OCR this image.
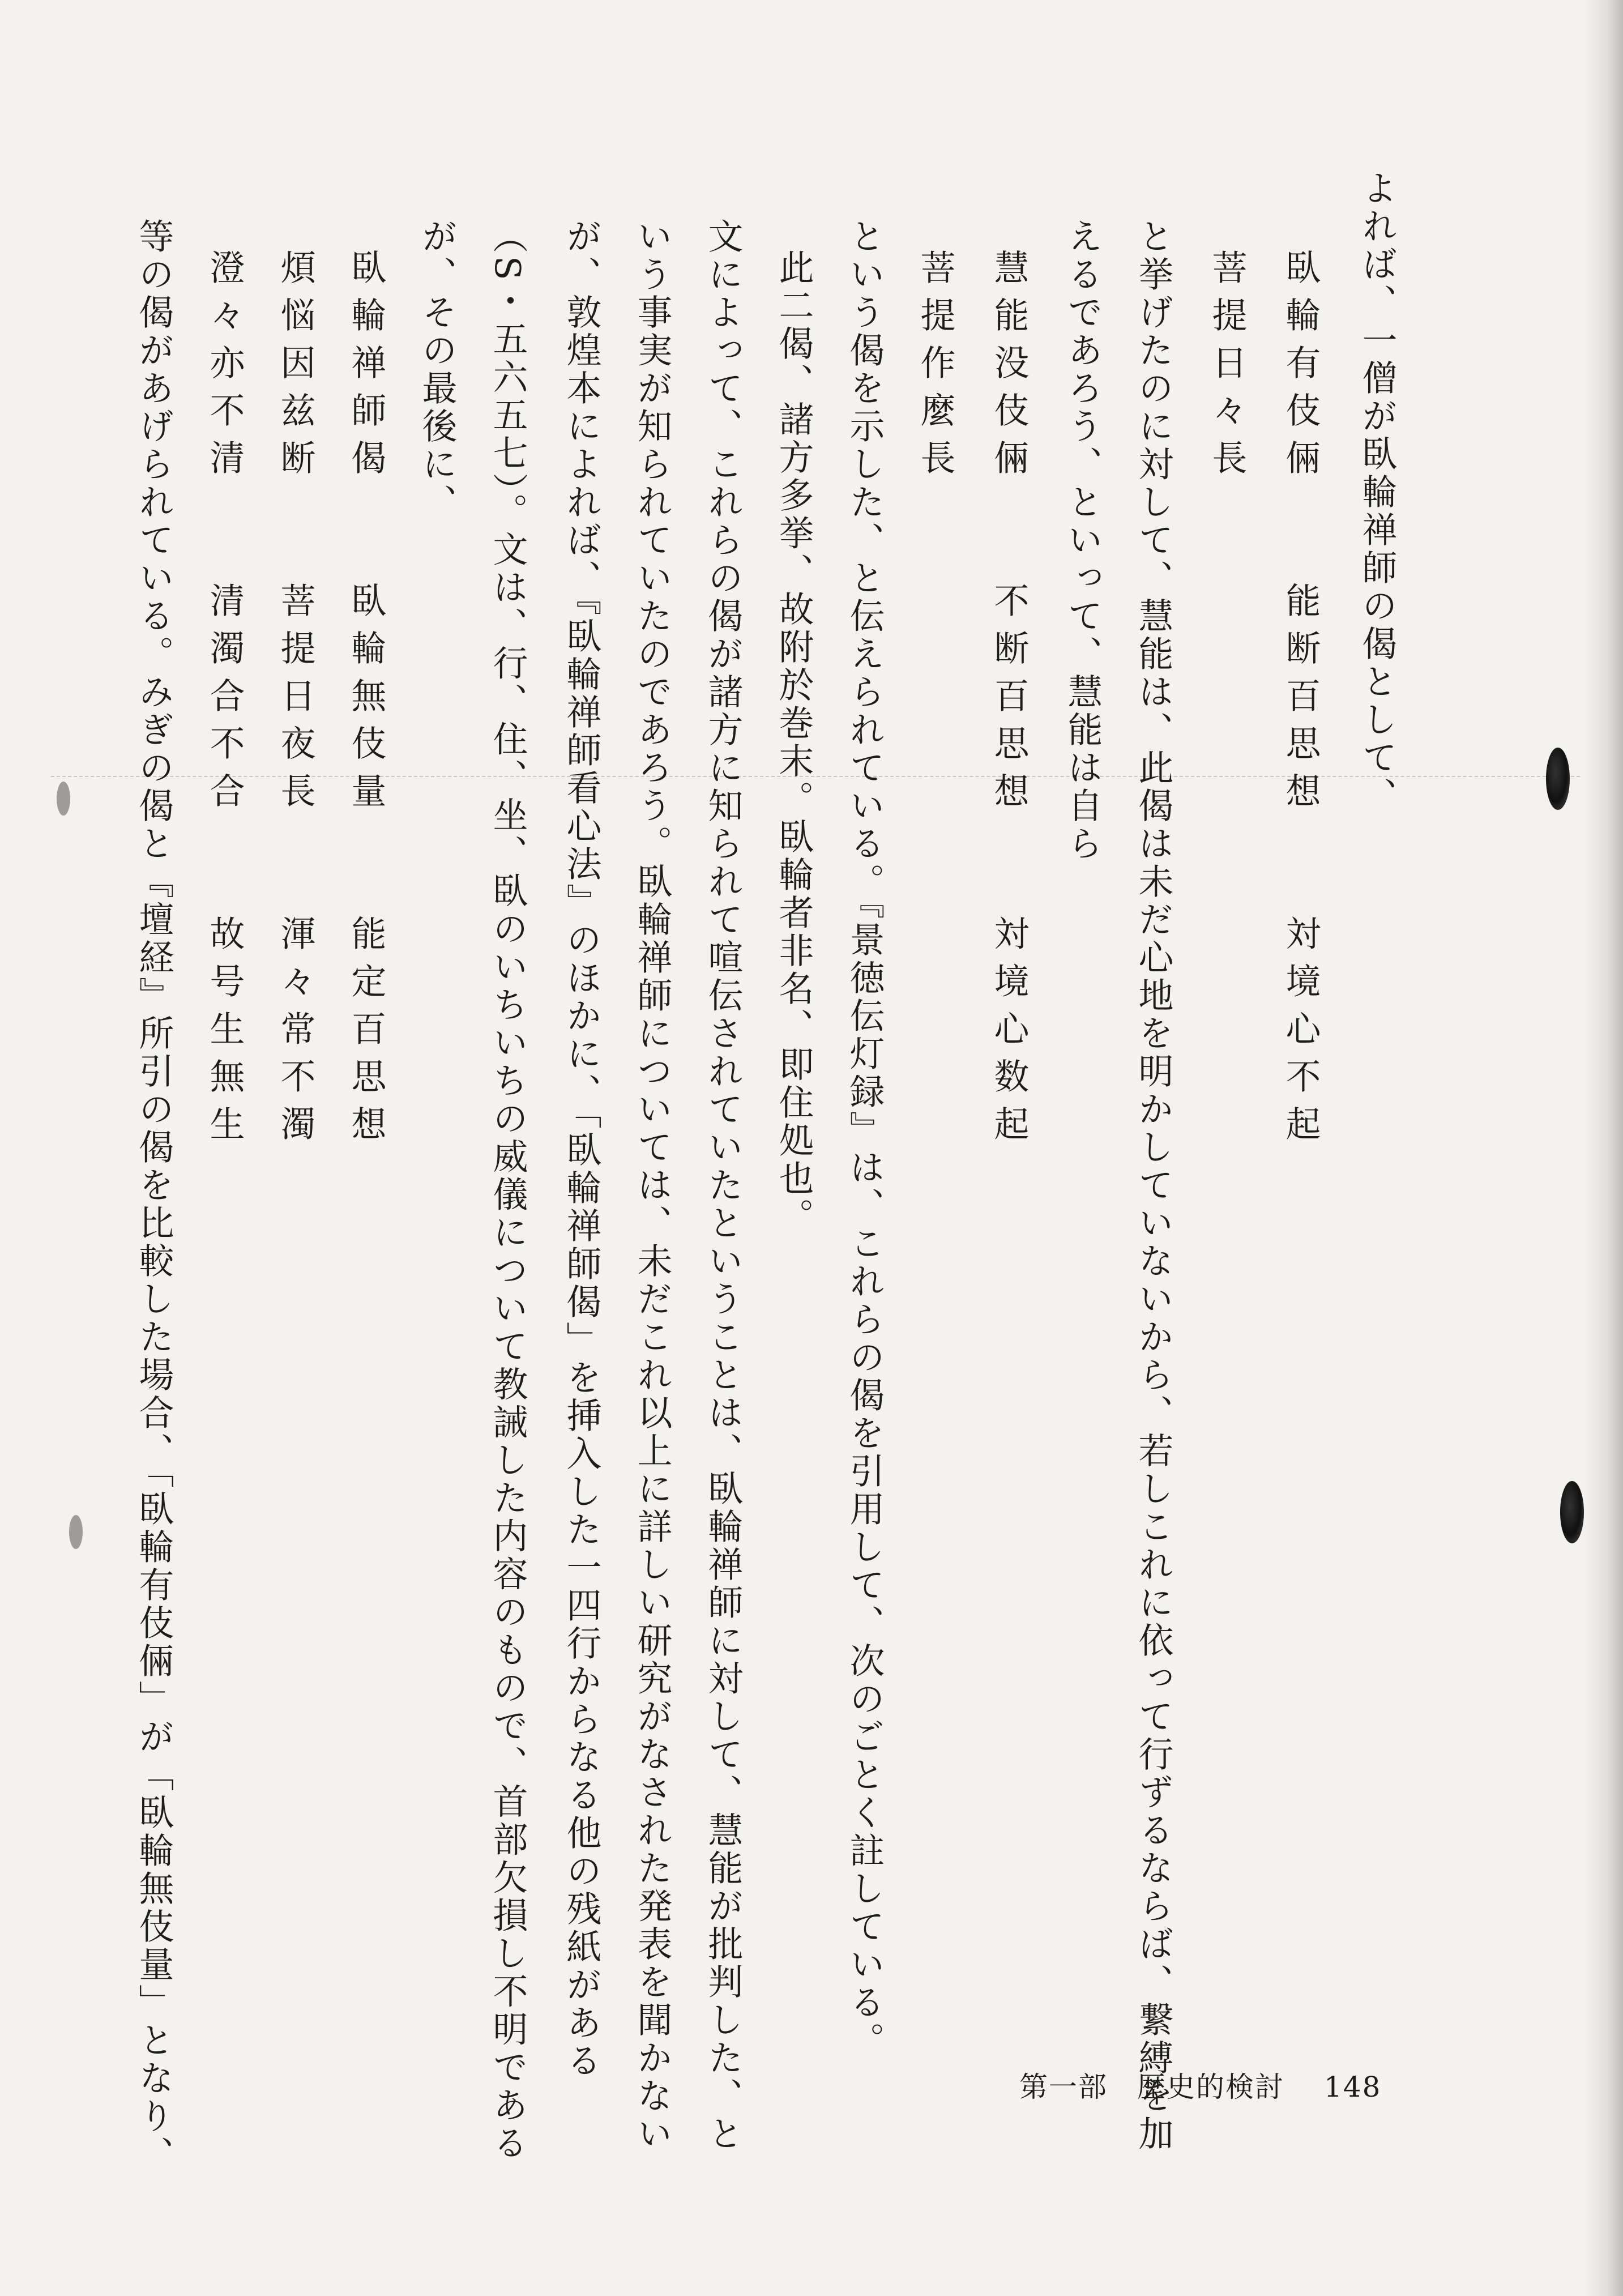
よれば、一僧が臥輪禅師の偈として、
臥輪有伎倆　　能断百思想　　対境心不起
菩提日々長
と挙げたのに対して、慧能は、此偈は未だ心地を明かしていないから、若しこれに依って行ずるならば、繋縛を加
えるであろう、といって、慧能は自ら
慧能没伎倆　　不断百思想　　対境心数起
菩提作麼長
という偈を示した、と伝えられている。『景徳伝灯録』は、これらの偈を引用して、次のごとく註している。
此二偈、諸方多挙、故附於巻末。臥輪者非名、即住処也。
文によって、これらの偈が諸方に知られて喧伝されていたということは、臥輪禅師に対して、慧能が批判した、と
いう事実が知られていたのであろう。臥輪禅師については、未だこれ以上に詳しい研究がなされた発表を聞かない
が、敦煌本によれば、『臥輪禅師看心法』のほかに、「臥輪禅師偈」を挿入した一四行からなる他の残紙がある
（S・五六五七）。文は、行、住、坐、臥のいちいちの威儀について教誡した内容のもので、首部欠損し不明である
が、その最後に、
臥輪禅師偈　　臥輪無伎量　　能定百思想
煩悩因兹断　　菩提日夜長　　渾々常不濁
澄々亦不清　　清濁合不合　　故号生無生
等の偈があげられている。みぎの偈と『壇経』所引の偈を比較した場合、「臥輪有伎倆」が「臥輪無伎量」となり、	第一部　歴史的検討 148
